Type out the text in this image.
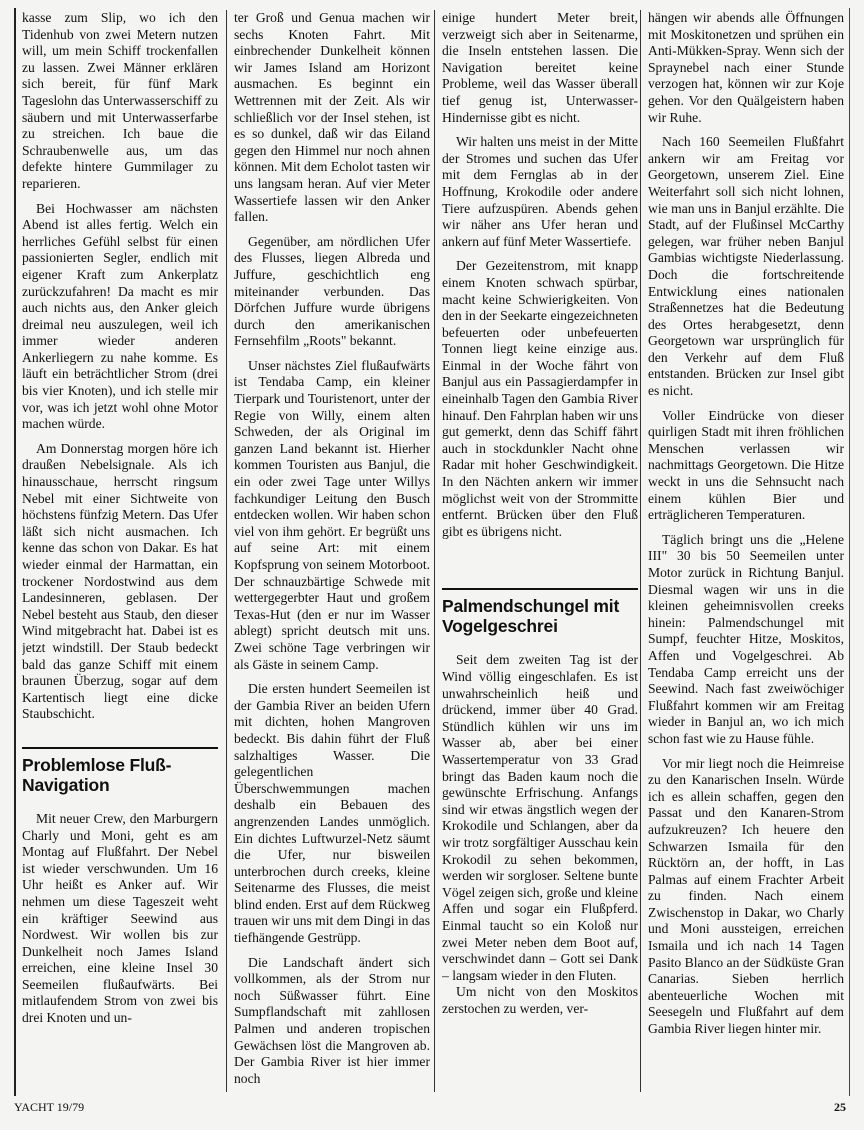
kasse zum Slip, wo ich den Tidenhub von zwei Metern nutzen will, um mein Schiff trockenfallen zu lassen. Zwei Männer erklären sich bereit, für fünf Mark Tageslohn das Unterwasserschiff zu säubern und mit Unterwasserfarbe zu streichen. Ich baue die Schraubenwelle aus, um das defekte hintere Gummilager zu reparieren.

Bei Hochwasser am nächsten Abend ist alles fertig. Welch ein herrliches Gefühl selbst für einen passionierten Segler, endlich mit eigener Kraft zum Ankerplatz zurückzufahren! Da macht es mir auch nichts aus, den Anker gleich dreimal neu auszulegen, weil ich immer wieder anderen Ankerliegern zu nahe komme. Es läuft ein beträchtlicher Strom (drei bis vier Knoten), und ich stelle mir vor, was ich jetzt wohl ohne Motor machen würde.

Am Donnerstag morgen höre ich draußen Nebelsignale. Als ich hinausschaue, herrscht ringsum Nebel mit einer Sichtweite von höchstens fünfzig Metern. Das Ufer läßt sich nicht ausmachen. Ich kenne das schon von Dakar. Es hat wieder einmal der Harmattan, ein trockener Nordostwind aus dem Landesinneren, geblasen. Der Nebel besteht aus Staub, den dieser Wind mitgebracht hat. Dabei ist es jetzt windstill. Der Staub bedeckt bald das ganze Schiff mit einem braunen Überzug, sogar auf dem Kartentisch liegt eine dicke Staubschicht.

Problemlose Fluß-Navigation

Mit neuer Crew, den Marburgern Charly und Moni, geht es am Montag auf Flußfahrt. Der Nebel ist wieder verschwunden. Um 16 Uhr heißt es Anker auf. Wir nehmen um diese Tageszeit weht ein kräftiger Seewind aus Nordwest. Wir wollen bis zur Dunkelheit noch James Island erreichen, eine kleine Insel 30 Seemeilen flußaufwärts. Bei mitlaufendem Strom von zwei bis drei Knoten und un-

ter Groß und Genua machen wir sechs Knoten Fahrt. Mit einbrechender Dunkelheit können wir James Island am Horizont ausmachen. Es beginnt ein Wettrennen mit der Zeit. Als wir schließlich vor der Insel stehen, ist es so dunkel, daß wir das Eiland gegen den Himmel nur noch ahnen können. Mit dem Echolot tasten wir uns langsam heran. Auf vier Meter Wassertiefe lassen wir den Anker fallen.

Gegenüber, am nördlichen Ufer des Flusses, liegen Albreda und Juffure, geschichtlich eng miteinander verbunden. Das Dörfchen Juffure wurde übrigens durch den amerikanischen Fernsehfilm „Roots" bekannt.

Unser nächstes Ziel flußaufwärts ist Tendaba Camp, ein kleiner Tierpark und Touristenort, unter der Regie von Willy, einem alten Schweden, der als Original im ganzen Land bekannt ist. Hierher kommen Touristen aus Banjul, die ein oder zwei Tage unter Willys fachkundiger Leitung den Busch entdecken wollen. Wir haben schon viel von ihm gehört. Er begrüßt uns auf seine Art: mit einem Kopfsprung von seinem Motorboot. Der schnauzbärtige Schwede mit wettergegerbter Haut und großem Texas-Hut (den er nur im Wasser ablegt) spricht deutsch mit uns. Zwei schöne Tage verbringen wir als Gäste in seinem Camp.

Die ersten hundert Seemeilen ist der Gambia River an beiden Ufern mit dichten, hohen Mangroven bedeckt. Bis dahin führt der Fluß salzhaltiges Wasser. Die gelegentlichen Überschwemmungen machen deshalb ein Bebauen des angrenzenden Landes unmöglich. Ein dichtes Luftwurzel-Netz säumt die Ufer, nur bisweilen unterbrochen durch creeks, kleine Seitenarme des Flusses, die meist blind enden. Erst auf dem Rückweg trauen wir uns mit dem Dingi in das tiefhängende Gestrüpp.

Die Landschaft ändert sich vollkommen, als der Strom nur noch Süßwasser führt. Eine Sumpflandschaft mit zahllosen Palmen und anderen tropischen Gewächsen löst die Mangroven ab. Der Gambia River ist hier immer noch

einige hundert Meter breit, verzweigt sich aber in Seitenarme, die Inseln entstehen lassen. Die Navigation bereitet keine Probleme, weil das Wasser überall tief genug ist, Unterwasser-Hindernisse gibt es nicht.

Wir halten uns meist in der Mitte der Stromes und suchen das Ufer mit dem Fernglas ab in der Hoffnung, Krokodile oder andere Tiere aufzuspüren. Abends gehen wir näher ans Ufer heran und ankern auf fünf Meter Wassertiefe.

Der Gezeitenstrom, mit knapp einem Knoten schwach spürbar, macht keine Schwierigkeiten. Von den in der Seekarte eingezeichneten befeuerten oder unbefeuerten Tonnen liegt keine einzige aus. Einmal in der Woche fährt von Banjul aus ein Passagierdampfer in eineinhalb Tagen den Gambia River hinauf. Den Fahrplan haben wir uns gut gemerkt, denn das Schiff fährt auch in stockdunkler Nacht ohne Radar mit hoher Geschwindigkeit. In den Nächten ankern wir immer möglichst weit von der Strommitte entfernt. Brücken über den Fluß gibt es übrigens nicht.

Palmendschungel mit Vogelgeschrei

Seit dem zweiten Tag ist der Wind völlig eingeschlafen. Es ist unwahrscheinlich heiß und drückend, immer über 40 Grad. Stündlich kühlen wir uns im Wasser ab, aber bei einer Wassertemperatur von 33 Grad bringt das Baden kaum noch die gewünschte Erfrischung. Anfangs sind wir etwas ängstlich wegen der Krokodile und Schlangen, aber da wir trotz sorgfältiger Ausschau kein Krokodil zu sehen bekommen, werden wir sorgloser. Seltene bunte Vögel zeigen sich, große und kleine Affen und sogar ein Flußpferd. Einmal taucht so ein Koloß nur zwei Meter neben dem Boot auf, verschwindet dann – Gott sei Dank – langsam wieder in den Fluten.

Um nicht von den Moskitos zerstochen zu werden, ver-

hängen wir abends alle Öffnungen mit Moskitonetzen und sprühen ein Anti-Mükken-Spray. Wenn sich der Spraynebel nach einer Stunde verzogen hat, können wir zur Koje gehen. Vor den Quälgeistern haben wir Ruhe.

Nach 160 Seemeilen Flußfahrt ankern wir am Freitag vor Georgetown, unserem Ziel. Eine Weiterfahrt soll sich nicht lohnen, wie man uns in Banjul erzählte. Die Stadt, auf der Flußinsel McCarthy gelegen, war früher neben Banjul Gambias wichtigste Niederlassung. Doch die fortschreitende Entwicklung eines nationalen Straßennetzes hat die Bedeutung des Ortes herabgesetzt, denn Georgetown war ursprünglich für den Verkehr auf dem Fluß entstanden. Brücken zur Insel gibt es nicht.

Voller Eindrücke von dieser quirligen Stadt mit ihren fröhlichen Menschen verlassen wir nachmittags Georgetown. Die Hitze weckt in uns die Sehnsucht nach einem kühlen Bier und erträglicheren Temperaturen.

Täglich bringt uns die „Helene III" 30 bis 50 Seemeilen unter Motor zurück in Richtung Banjul. Diesmal wagen wir uns in die kleinen geheimnisvollen creeks hinein: Palmendschungel mit Sumpf, feuchter Hitze, Moskitos, Affen und Vogelgeschrei. Ab Tendaba Camp erreicht uns der Seewind. Nach fast zweiwöchiger Flußfahrt kommen wir am Freitag wieder in Banjul an, wo ich mich schon fast wie zu Hause fühle.

Vor mir liegt noch die Heimreise zu den Kanarischen Inseln. Würde ich es allein schaffen, gegen den Passat und den Kanaren-Strom aufzukreuzen? Ich heuere den Schwarzen Ismaila für den Rücktörn an, der hofft, in Las Palmas auf einem Frachter Arbeit zu finden. Nach einem Zwischenstop in Dakar, wo Charly und Moni aussteigen, erreichen Ismaila und ich nach 14 Tagen Pasito Blanco an der Südküste Gran Canarias. Sieben herrlich abenteuerliche Wochen mit Seesegeln und Flußfahrt auf dem Gambia River liegen hinter mir.

YACHT 19/79	25
